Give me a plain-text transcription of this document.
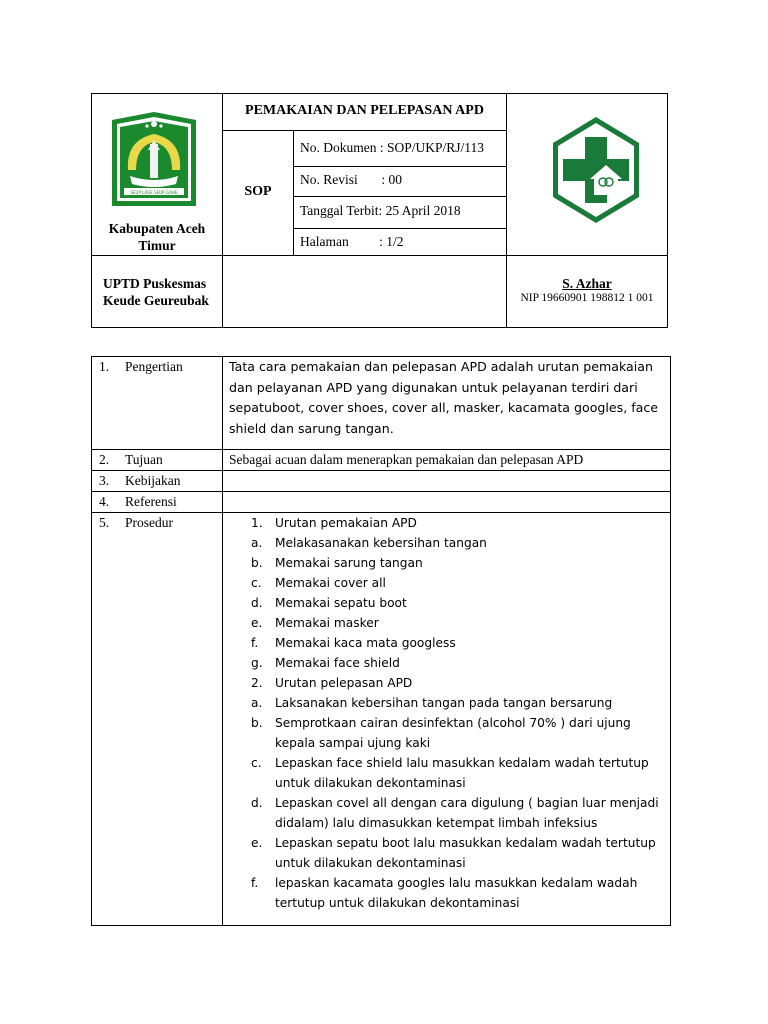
SEUP LAGE SEUP GOHE
Kabupaten Aceh Timur
PEMAKAIAN DAN PELEPASAN APD
SOP
No. Dokumen : SOP/UKP/RJ/113
No. Revisi       : 00
Tanggal Terbit: 25 April 2018
Halaman         : 1/2
UPTD Puskesmas Keude Geureubak
S. Azhar
NIP 19660901 198812 1 001
1. Pengertian	Tata cara pemakaian dan pelepasan APD adalah urutan pemakaian dan pelayanan APD yang digunakan untuk pelayanan terdiri dari sepatuboot, cover shoes, cover all, masker, kacamata googles, face shield dan sarung tangan.
2. Tujuan	Sebagai acuan dalam menerapkan pemakaian dan pelepasan APD
3. Kebijakan
4. Referensi
5. Prosedur	1. Urutan pemakaian APD
a. Melakasanakan kebersihan tangan
b. Memakai sarung tangan
c. Memakai cover all
d. Memakai sepatu boot
e. Memakai masker
f. Memakai kaca mata googless
g. Memakai face shield
2. Urutan pelepasan APD
a. Laksanakan kebersihan tangan pada tangan bersarung
b. Semprotkaan cairan desinfektan (alcohol 70% ) dari ujung kepala sampai ujung kaki
c. Lepaskan face shield lalu masukkan kedalam wadah tertutup untuk dilakukan dekontaminasi
d. Lepaskan covel all dengan cara digulung ( bagian luar menjadi didalam) lalu dimasukkan ketempat limbah infeksius
e. Lepaskan sepatu boot lalu masukkan kedalam wadah tertutup untuk dilakukan dekontaminasi
f. lepaskan kacamata googles lalu masukkan kedalam wadah tertutup untuk dilakukan dekontaminasi
